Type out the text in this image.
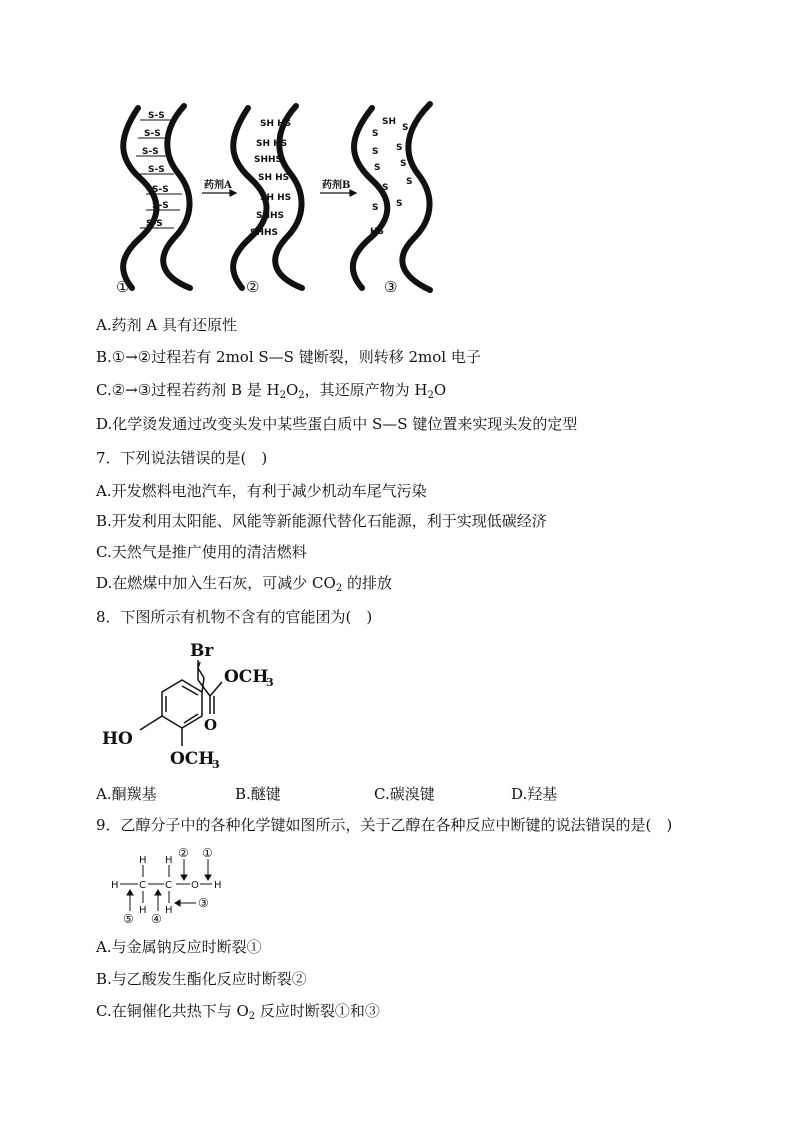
S-S
S-S
S-S
S-S
S-S
S-S
S-S
SH HS
SH HS
SHHS
SH HS
SH HS
SHHS
SHHS
SH
S
S
S S
S S
S
S
S S
HS
药剂A	药剂B
①	②	③
A.药剂 A 具有还原性
B.①→②过程若有 2mol S—S 键断裂，则转移 2mol 电子
C.②→③过程若药剂 B 是 $H_2O_2$，其还原产物为 $H_2O$
D.化学烫发通过改变头发中某些蛋白质中 S—S 键位置来实现头发的定型
7．下列说法错误的是(　)
A.开发燃料电池汽车，有利于减少机动车尾气污染
B.开发利用太阳能、风能等新能源代替化石能源，利于实现低碳经济
C.天然气是推广使用的清洁燃料
D.在燃煤中加入生石灰，可减少 $CO_2$ 的排放
8．下图所示有机物不含有的官能团为(　)
Br
OCH
3
O
HO
OCH
3
A.酮羰基	B.醚键	C.碳溴键	D.羟基
9．乙醇分子中的各种化学键如图所示，关于乙醇在各种反应中断键的说法错误的是(　)
H
H
C
H
H
C
H
O H
①
②
③
④
⑤
A.与金属钠反应时断裂①
B.与乙酸发生酯化反应时断裂②
C.在铜催化共热下与 $O_2$ 反应时断裂①和③
